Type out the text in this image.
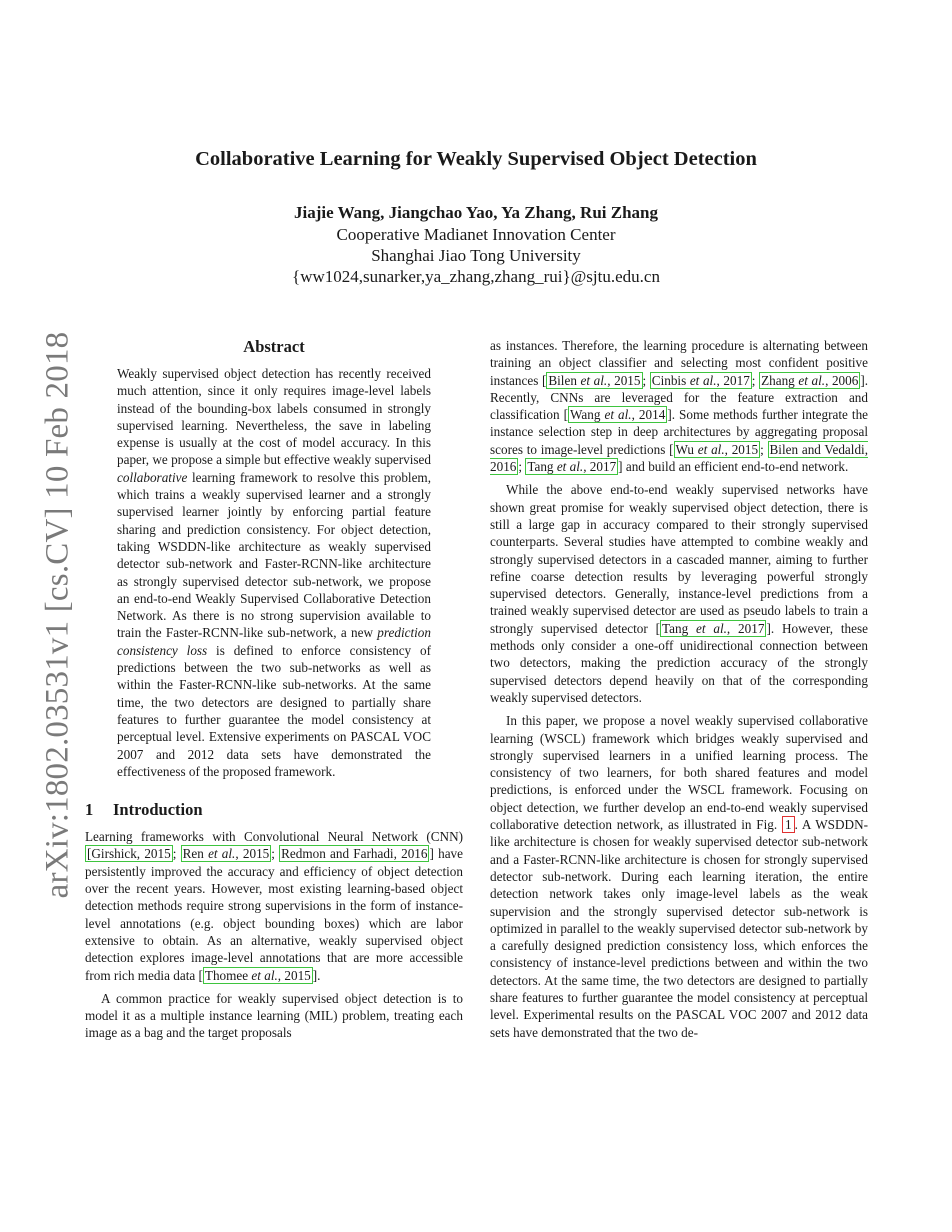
Collaborative Learning for Weakly Supervised Object Detection
Jiajie Wang, Jiangchao Yao, Ya Zhang, Rui Zhang
Cooperative Madianet Innovation Center
Shanghai Jiao Tong University
{ww1024,sunarker,ya_zhang,zhang_rui}@sjtu.edu.cn
arXiv:1802.03531v1 [cs.CV] 10 Feb 2018	Abstract
Weakly supervised object detection has recently received much attention, since it only requires image-level labels instead of the bounding-box labels consumed in strongly supervised learning. Nevertheless, the save in labeling expense is usually at the cost of model accuracy. In this paper, we propose a simple but effective weakly supervised collaborative learning framework to resolve this problem, which trains a weakly supervised learner and a strongly supervised learner jointly by enforcing partial feature sharing and prediction consistency. For object detection, taking WSDDN-like architecture as weakly supervised detector sub-network and Faster-RCNN-like architecture as strongly supervised detector sub-network, we propose an end-to-end Weakly Supervised Collaborative Detection Network. As there is no strong supervision available to train the Faster-RCNN-like sub-network, a new prediction consistency loss is defined to enforce consistency of predictions between the two sub-networks as well as within the Faster-RCNN-like sub-networks. At the same time, the two detectors are designed to partially share features to further guarantee the model consistency at perceptual level. Extensive experiments on PASCAL VOC 2007 and 2012 data sets have demonstrated the effectiveness of the proposed framework.
1 Introduction

Learning frameworks with Convolutional Neural Network (CNN) [Girshick, 2015 ; Ren et al., 2015 ; Redmon and Farhadi, 2016 ] have persistently improved the accuracy and efficiency of object detection over the recent years. However, most existing learning-based object detection methods require strong supervisions in the form of instance-level annotations (e.g. object bounding boxes) which are labor extensive to obtain. As an alternative, weakly supervised object detection explores image-level annotations that are more accessible from rich media data [ Thomee et al., 2015 ].

A common practice for weakly supervised object detection is to model it as a multiple instance learning (MIL) problem, treating each image as a bag and the target proposals

as instances. Therefore, the learning procedure is alternating between training an object classifier and selecting most confident positive instances [ Bilen et al., 2015 ; Cinbis et al., 2017 ; Zhang et al., 2006 ]. Recently, CNNs are leveraged for the feature extraction and classification [ Wang et al., 2014 ]. Some methods further integrate the instance selection step in deep architectures by aggregating proposal scores to image-level predictions [ Wu et al., 2015 ; Bilen and Vedaldi, 2016 ; Tang et al., 2017 ] and build an efficient end-to-end network.

While the above end-to-end weakly supervised networks have shown great promise for weakly supervised object detection, there is still a large gap in accuracy compared to their strongly supervised counterparts. Several studies have attempted to combine weakly and strongly supervised detectors in a cascaded manner, aiming to further refine coarse detection results by leveraging powerful strongly supervised detectors. Generally, instance-level predictions from a trained weakly supervised detector are used as pseudo labels to train a strongly supervised detector [ Tang et al., 2017 ]. However, these methods only consider a one-off unidirectional connection between two detectors, making the prediction accuracy of the strongly supervised detectors depend heavily on that of the corresponding weakly supervised detectors.

In this paper, we propose a novel weakly supervised collaborative learning (WSCL) framework which bridges weakly supervised and strongly supervised learners in a unified learning process. The consistency of two learners, for both shared features and model predictions, is enforced under the WSCL framework. Focusing on object detection, we further develop an end-to-end weakly supervised collaborative detection network, as illustrated in Fig. 1 . A WSDDN-like architecture is chosen for weakly supervised detector sub-network and a Faster-RCNN-like architecture is chosen for strongly supervised detector sub-network. During each learning iteration, the entire detection network takes only image-level labels as the weak supervision and the strongly supervised detector sub-network is optimized in parallel to the weakly supervised detector sub-network by a carefully designed prediction consistency loss, which enforces the consistency of instance-level predictions between and within the two detectors. At the same time, the two detectors are designed to partially share features to further guarantee the model consistency at perceptual level. Experimental results on the PASCAL VOC 2007 and 2012 data sets have demonstrated that the two de-
